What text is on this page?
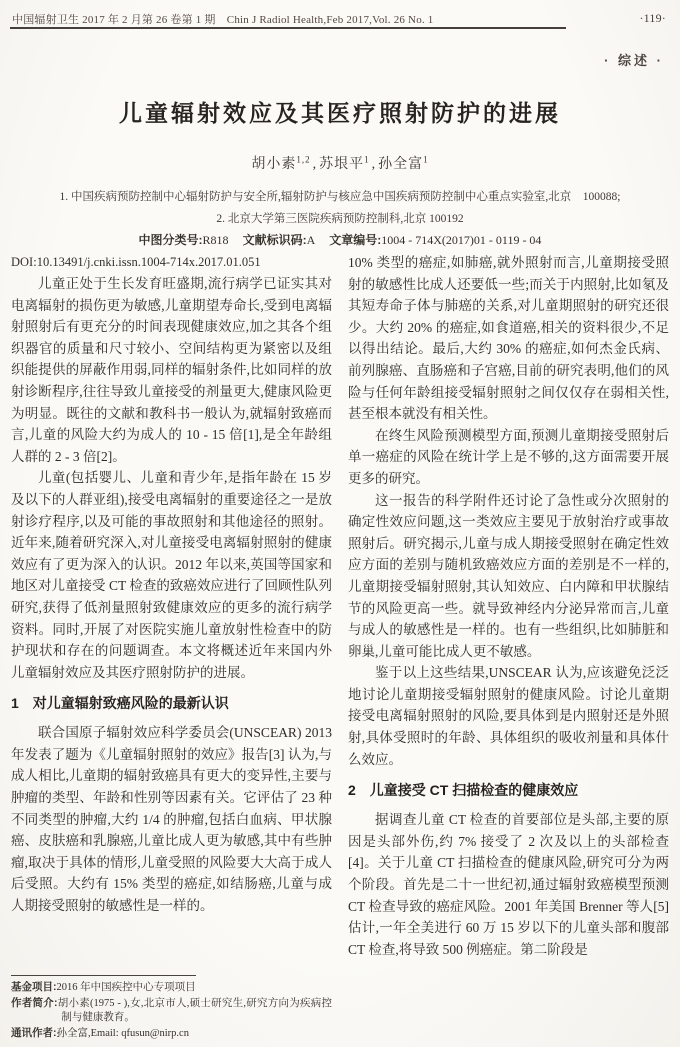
中国辐射卫生 2017 年 2 月第 26 卷第 1 期　Chin J Radiol Health,Feb 2017,Vol. 26 No. 1	·119·
· 综述 ·
儿童辐射效应及其医疗照射防护的进展
胡小素$^{1,2}$ , 苏垠平$^1$ , 孙全富$^1$
1. 中国疾病预防控制中心辐射防护与安全所,辐射防护与核应急中国疾病预防控制中心重点实验室,北京　100088;
2. 北京大学第三医院疾病预防控制科,北京 100192
中图分类号:R818 文献标识码:A 文章编号:1004 - 714X(2017)01 - 0119 - 04
DOI:10.13491/j.cnki.issn.1004-714x.2017.01.051

儿童正处于生长发育旺盛期,流行病学已证实其对电离辐射的损伤更为敏感,儿童期望寿命长,受到电离辐射照射后有更充分的时间表现健康效应,加之其各个组织器官的质量和尺寸较小、空间结构更为紧密以及组织能提供的屏蔽作用弱,同样的辐射条件,比如同样的放射诊断程序,往往导致儿童接受的剂量更大,健康风险更为明显。既往的文献和教科书一般认为,就辐射致癌而言,儿童的风险大约为成人的 10 - 15 倍[1],是全年龄组人群的 2 - 3 倍[2]。

儿童(包括婴儿、儿童和青少年,是指年龄在 15 岁及以下的人群亚组),接受电离辐射的重要途径之一是放射诊疗程序,以及可能的事故照射和其他途径的照射。近年来,随着研究深入,对儿童接受电离辐射照射的健康效应有了更为深入的认识。2012 年以来,英国等国家和地区对儿童接受 CT 检查的致癌效应进行了回顾性队列研究,获得了低剂量照射致健康效应的更多的流行病学资料。同时,开展了对医院实施儿童放射性检查中的防护现状和存在的问题调查。本文将概述近年来国内外儿童辐射效应及其医疗照射防护的进展。

1　对儿童辐射致癌风险的最新认识

联合国原子辐射效应科学委员会(UNSCEAR) 2013 年发表了题为《儿童辐射照射的效应》报告[3] 认为,与成人相比,儿童期的辐射致癌具有更大的变异性,主要与肿瘤的类型、年龄和性别等因素有关。它评估了 23 种不同类型的肿瘤,大约 1/4 的肿瘤,包括白血病、甲状腺癌、皮肤癌和乳腺癌,儿童比成人更为敏感,其中有些肿瘤,取决于具体的情形,儿童受照的风险要大大高于成人后受照。大约有 15% 类型的癌症,如结肠癌,儿童与成人期接受照射的敏感性是一样的。

基金项目:2016 年中国疾控中心专项项目
作者简介:胡小素(1975 - ),女,北京市人,硕士研究生,研究方向为疾病控制与健康教育。
通讯作者:孙全富,Email: qfusun@nirp.cn

10% 类型的癌症,如肺癌,就外照射而言,儿童期接受照射的敏感性比成人还要低一些;而关于内照射,比如氡及其短寿命子体与肺癌的关系,对儿童期照射的研究还很少。大约 20% 的癌症,如食道癌,相关的资料很少,不足以得出结论。最后,大约 30% 的癌症,如何杰金氏病、前列腺癌、直肠癌和子宫癌,目前的研究表明,他们的风险与任何年龄组接受辐射照射之间仅仅存在弱相关性,甚至根本就没有相关性。

在终生风险预测模型方面,预测儿童期接受照射后单一癌症的风险在统计学上是不够的,这方面需要开展更多的研究。

这一报告的科学附件还讨论了急性或分次照射的确定性效应问题,这一类效应主要见于放射治疗或事故照射后。研究揭示,儿童与成人期接受照射在确定性效应方面的差别与随机致癌效应方面的差别是不一样的,儿童期接受辐射照射,其认知效应、白内障和甲状腺结节的风险更高一些。就导致神经内分泌异常而言,儿童与成人的敏感性是一样的。也有一些组织,比如肺脏和卵巢,儿童可能比成人更不敏感。

鉴于以上这些结果,UNSCEAR 认为,应该避免泛泛地讨论儿童期接受辐射照射的健康风险。讨论儿童期接受电离辐射照射的风险,要具体到是内照射还是外照射,具体受照时的年龄、具体组织的吸收剂量和具体什么效应。

2　儿童接受 CT 扫描检查的健康效应

据调查儿童 CT 检查的首要部位是头部,主要的原因是头部外伤,约 7% 接受了 2 次及以上的头部检查[4]。关于儿童 CT 扫描检查的健康风险,研究可分为两个阶段。首先是二十一世纪初,通过辐射致癌模型预测 CT 检查导致的癌症风险。2001 年美国 Brenner 等人[5] 估计,一年全美进行 60 万 15 岁以下的儿童头部和腹部 CT 检查,将导致 500 例癌症。第二阶段是
